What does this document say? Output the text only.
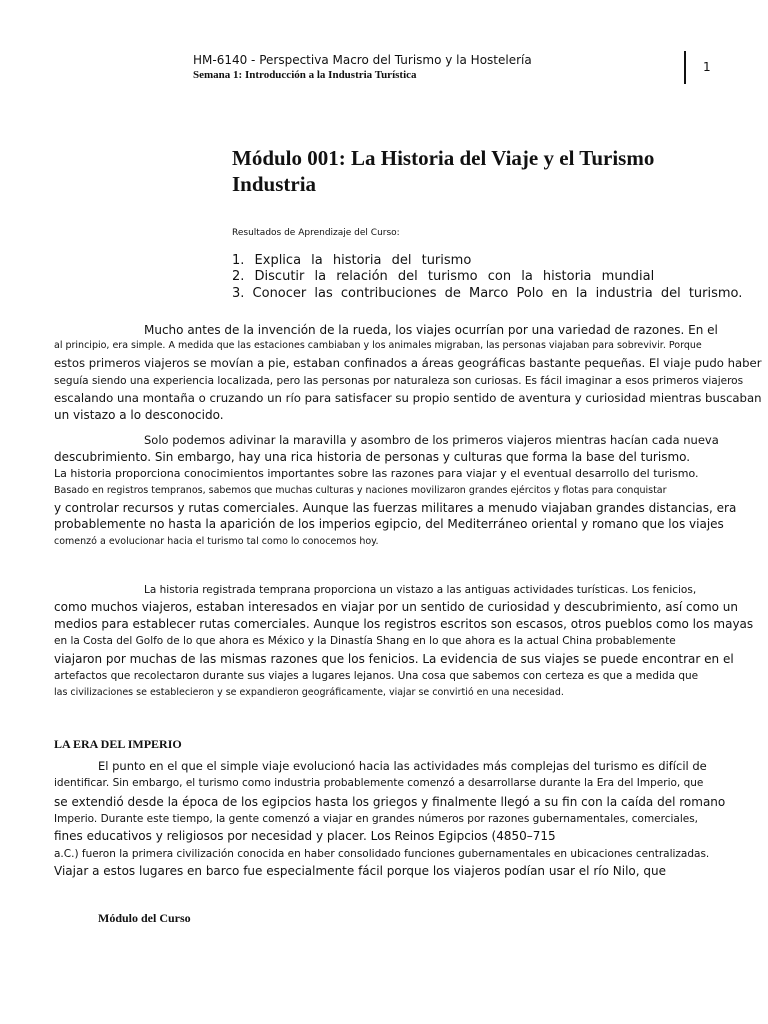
HM-6140 - Perspectiva Macro del Turismo y la Hostelería
Semana 1: Introducción a la Industria Turística
1
Módulo 001: La Historia del Viaje y el Turismo Industria
Resultados de Aprendizaje del Curso:
1. Explica la historia del turismo
2. Discutir la relación del turismo con la historia mundial
3. Conocer las contribuciones de Marco Polo en la industria del turismo.
Mucho antes de la invención de la rueda, los viajes ocurrían por una variedad de razones. En el
al principio, era simple. A medida que las estaciones cambiaban y los animales migraban, las personas viajaban para sobrevivir. Porque
estos primeros viajeros se movían a pie, estaban confinados a áreas geográficas bastante pequeñas. El viaje pudo haber
seguía siendo una experiencia localizada, pero las personas por naturaleza son curiosas. Es fácil imaginar a esos primeros viajeros
escalando una montaña o cruzando un río para satisfacer su propio sentido de aventura y curiosidad mientras buscaban
un vistazo a lo desconocido.
Solo podemos adivinar la maravilla y asombro de los primeros viajeros mientras hacían cada nueva
descubrimiento. Sin embargo, hay una rica historia de personas y culturas que forma la base del turismo.
La historia proporciona conocimientos importantes sobre las razones para viajar y el eventual desarrollo del turismo.
Basado en registros tempranos, sabemos que muchas culturas y naciones movilizaron grandes ejércitos y flotas para conquistar
y controlar recursos y rutas comerciales. Aunque las fuerzas militares a menudo viajaban grandes distancias, era
probablemente no hasta la aparición de los imperios egipcio, del Mediterráneo oriental y romano que los viajes
comenzó a evolucionar hacia el turismo tal como lo conocemos hoy.
La historia registrada temprana proporciona un vistazo a las antiguas actividades turísticas. Los fenicios,
como muchos viajeros, estaban interesados en viajar por un sentido de curiosidad y descubrimiento, así como un
medios para establecer rutas comerciales. Aunque los registros escritos son escasos, otros pueblos como los mayas
en la Costa del Golfo de lo que ahora es México y la Dinastía Shang en lo que ahora es la actual China probablemente
viajaron por muchas de las mismas razones que los fenicios. La evidencia de sus viajes se puede encontrar en el
artefactos que recolectaron durante sus viajes a lugares lejanos. Una cosa que sabemos con certeza es que a medida que
las civilizaciones se establecieron y se expandieron geográficamente, viajar se convirtió en una necesidad.
LA ERA DEL IMPERIO
El punto en el que el simple viaje evolucionó hacia las actividades más complejas del turismo es difícil de
identificar. Sin embargo, el turismo como industria probablemente comenzó a desarrollarse durante la Era del Imperio, que
se extendió desde la época de los egipcios hasta los griegos y finalmente llegó a su fin con la caída del romano
Imperio. Durante este tiempo, la gente comenzó a viajar en grandes números por razones gubernamentales, comerciales,
fines educativos y religiosos por necesidad y placer. Los Reinos Egipcios (4850–715
a.C.) fueron la primera civilización conocida en haber consolidado funciones gubernamentales en ubicaciones centralizadas.
Viajar a estos lugares en barco fue especialmente fácil porque los viajeros podían usar el río Nilo, que
Módulo del Curso
